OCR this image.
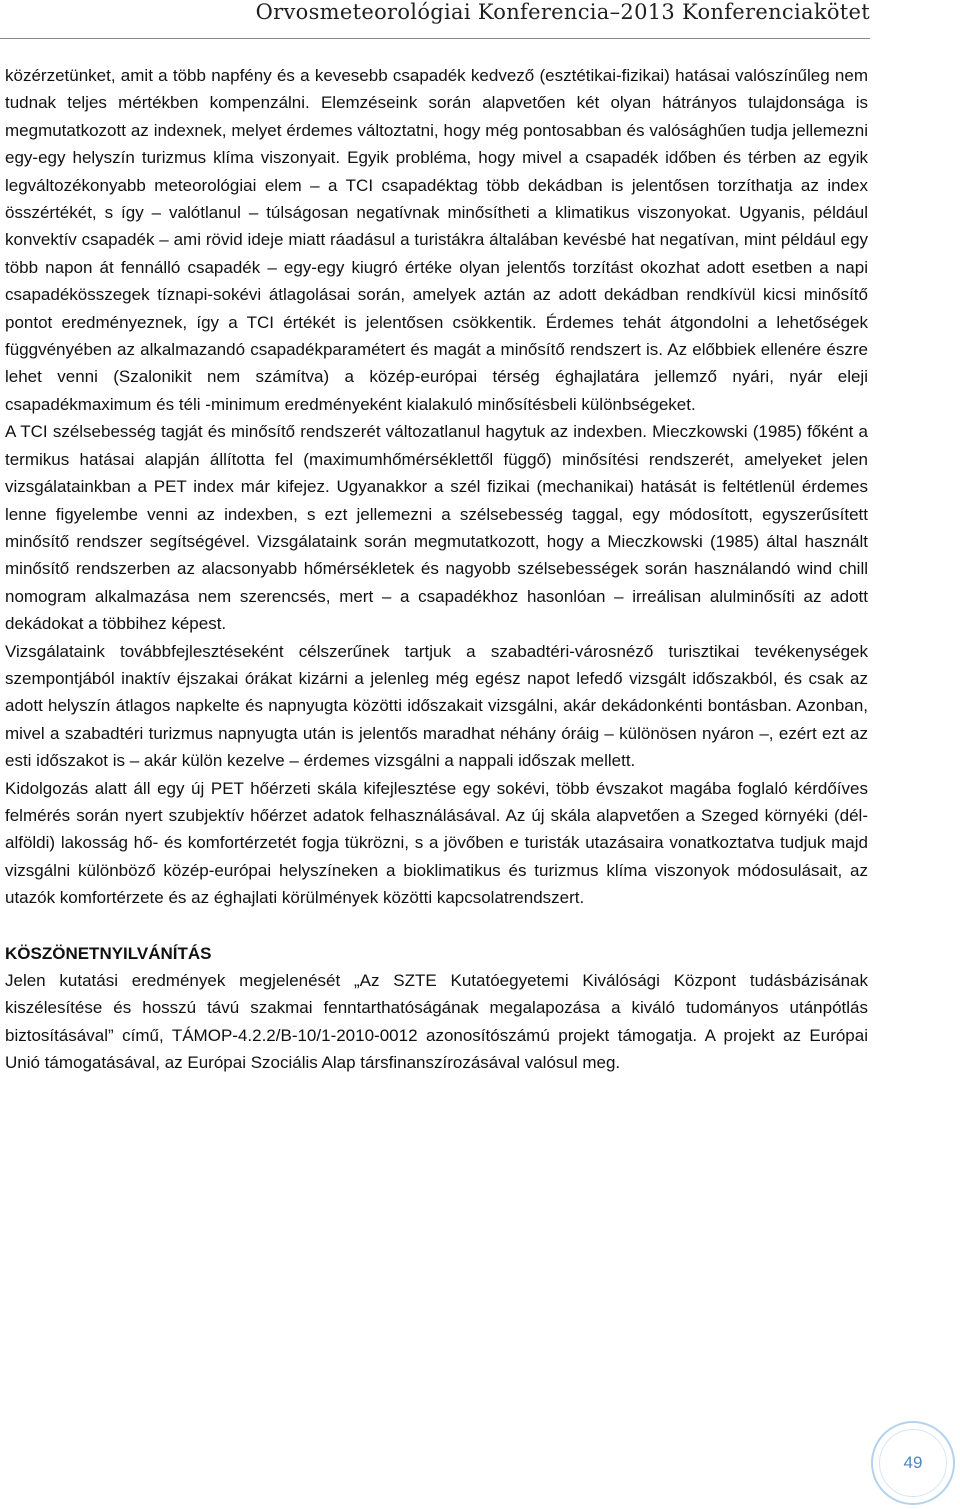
Orvosmeteorológiai Konferencia–2013 Konferenciakötet

közérzetünket, amit a több napfény és a kevesebb csapadék kedvező (esztétikai-fizikai) hatásai valószínűleg nem tudnak teljes mértékben kompenzálni. Elemzéseink során alapvetően két olyan hátrányos tulajdonsága is megmutatkozott az indexnek, melyet érdemes változtatni, hogy még pontosabban és valósághűen tudja jellemezni egy-egy helyszín turizmus klíma viszonyait. Egyik probléma, hogy mivel a csapadék időben és térben az egyik legváltozékonyabb meteorológiai elem – a TCI csapadéktag több dekádban is jelentősen torzíthatja az index összértékét, s így – valótlanul – túlságosan negatívnak minősítheti a klimatikus viszonyokat. Ugyanis, például konvektív csapadék – ami rövid ideje miatt ráadásul a turistákra általában kevésbé hat negatívan, mint például egy több napon át fennálló csapadék – egy-egy kiugró értéke olyan jelentős torzítást okozhat adott esetben a napi csapadékösszegek tíznapi-sokévi átlagolásai során, amelyek aztán az adott dekádban rendkívül kicsi minősítő pontot eredményeznek, így a TCI értékét is jelentősen csökkentik. Érdemes tehát átgondolni a lehetőségek függvényében az alkalmazandó csapadékparamétert és magát a minősítő rendszert is. Az előbbiek ellenére észre lehet venni (Szalonikit nem számítva) a közép-európai térség éghajlatára jellemző nyári, nyár eleji csapadékmaximum és téli -minimum eredményeként kialakuló minősítésbeli különbségeket.

A TCI szélsebesség tagját és minősítő rendszerét változatlanul hagytuk az indexben. Mieczkowski (1985) főként a termikus hatásai alapján állította fel (maximumhőmérséklettől függő) minősítési rendszerét, amelyeket jelen vizsgálatainkban a PET index már kifejez. Ugyanakkor a szél fizikai (mechanikai) hatását is feltétlenül érdemes lenne figyelembe venni az indexben, s ezt jellemezni a szélsebesség taggal, egy módosított, egyszerűsített minősítő rendszer segítségével. Vizsgálataink során megmutatkozott, hogy a Mieczkowski (1985) által használt minősítő rendszerben az alacsonyabb hőmérsékletek és nagyobb szélsebességek során használandó wind chill nomogram alkalmazása nem szerencsés, mert – a csapadékhoz hasonlóan – irreálisan alulminősíti az adott dekádokat a többihez képest.

Vizsgálataink továbbfejlesztéseként célszerűnek tartjuk a szabadtéri-városnéző turisztikai tevékenységek szempontjából inaktív éjszakai órákat kizárni a jelenleg még egész napot lefedő vizsgált időszakból, és csak az adott helyszín átlagos napkelte és napnyugta közötti időszakait vizsgálni, akár dekádonkénti bontásban. Azonban, mivel a szabadtéri turizmus napnyugta után is jelentős maradhat néhány óráig – különösen nyáron –, ezért ezt az esti időszakot is – akár külön kezelve – érdemes vizsgálni a nappali időszak mellett.

Kidolgozás alatt áll egy új PET hőérzeti skála kifejlesztése egy sokévi, több évszakot magába foglaló kérdőíves felmérés során nyert szubjektív hőérzet adatok felhasználásával. Az új skála alapvetően a Szeged környéki (dél-alföldi) lakosság hő- és komfortérzetét fogja tükrözni, s a jövőben e turisták utazásaira vonatkoztatva tudjuk majd vizsgálni különböző közép-európai helyszíneken a bioklimatikus és turizmus klíma viszonyok módosulásait, az utazók komfortérzete és az éghajlati körülmények közötti kapcsolatrendszert.

KÖSZÖNETNYILVÁNÍTÁS

Jelen kutatási eredmények megjelenését „Az SZTE Kutatóegyetemi Kiválósági Központ tudásbázisának kiszélesítése és hosszú távú szakmai fenntarthatóságának megalapozása a kiváló tudományos utánpótlás biztosításával” című, TÁMOP-4.2.2/B-10/1-2010-0012 azonosítószámú projekt támogatja. A projekt az Európai Unió támogatásával, az Európai Szociális Alap társfinanszírozásával valósul meg.

49
